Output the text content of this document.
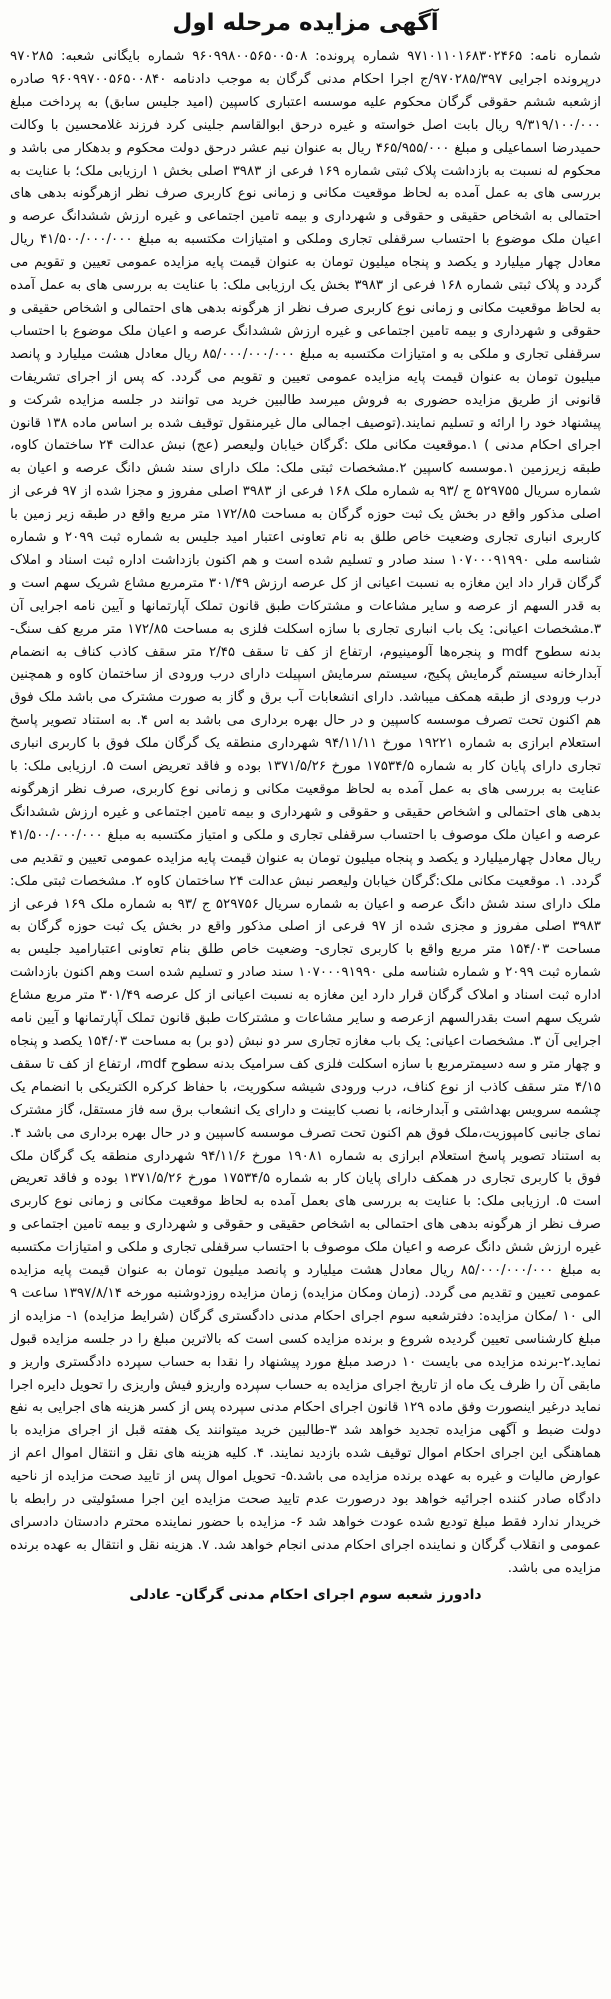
آگهی مزایده مرحله اول

شماره نامه: ۹۷۱۰۱۱۰۱۶۸۳۰۲۴۶۵ شماره پرونده: ۹۶۰۹۹۸۰۰۵۶۵۰۰۵۰۸ شماره بایگانی شعبه: ۹۷۰۲۸۵ درپرونده اجرایی ۹۷۰۲۸۵/۳۹۷/ج اجرا احکام مدنی گرگان به موجب دادنامه ۹۶۰۹۹۷۰۰۵۶۵۰۰۸۴۰ صادره ازشعبه ششم حقوقی گرگان محکوم علیه موسسه اعتباری کاسپین (امید جلیس سابق) به پرداخت مبلغ ۹/۳۱۹/۱۰۰/۰۰۰ ریال بابت اصل خواسته و غیره درحق ابوالقاسم جلینی کرد فرزند غلامحسین با وکالت حمیدرضا اسماعیلی و مبلغ ۴۶۵/۹۵۵/۰۰۰ ریال به عنوان نیم عشر درحق دولت محکوم و بدهکار می باشد و محکوم له نسبت به بازداشت پلاک ثبتی شماره ۱۶۹ فرعی از ۳۹۸۳ اصلی بخش ۱ ارزیابی ملک؛ با عنایت به بررسی های به عمل آمده به لحاظ موقعیت مکانی و زمانی نوع کاربری صرف نظر ازهرگونه بدهی های احتمالی به اشخاص حقیقی و حقوقی و شهرداری و بیمه تامین اجتماعی و غیره ارزش ششدانگ عرصه و اعیان ملک موضوع با احتساب سرقفلی تجاری وملکی و امتیازات مکتسبه به مبلغ ۴۱/۵۰۰/۰۰۰/۰۰۰ ریال معادل چهار میلیارد و یکصد و پنجاه میلیون تومان به عنوان قیمت پایه مزایده عمومی تعیین و تقویم می گردد و پلاک ثبتی شماره ۱۶۸ فرعی از ۳۹۸۳ بخش یک ارزیابی ملک: با عنایت به بررسی های به عمل آمده به لحاظ موقعیت مکانی و زمانی نوع کاربری صرف نظر از هرگونه بدهی های احتمالی و اشخاص حقیقی و حقوقی و شهرداری و بیمه تامین اجتماعی و غیره ارزش ششدانگ عرصه و اعیان ملک موضوع با احتساب سرقفلی تجاری و ملکی به و امتیازات مکتسبه به مبلغ ۸۵/۰۰۰/۰۰۰/۰۰۰ ریال معادل هشت میلیارد و پانصد میلیون تومان به عنوان قیمت پایه مزایده عمومی تعیین و تقویم می گردد. که پس از اجرای تشریفات قانونی از طریق مزایده حضوری به فروش میرسد طالبین خرید می توانند در جلسه مزایده شرکت و پیشنهاد خود را ارائه و تسلیم نمایند.(توصیف اجمالی مال غیرمنقول توقیف شده بر اساس ماده ۱۳۸ قانون اجرای احکام مدنی ) ۱.موقعیت مکانی ملک :گرگان خیابان ولیعصر (عج) نبش عدالت ۲۴ ساختمان کاوه، طبقه زیرزمین ۱.موسسه کاسپین ۲.مشخصات ثبتی ملک: ملک دارای سند شش دانگ عرصه و اعیان به شماره سریال ۵۲۹۷۵۵ ج /۹۳ به شماره ملک ۱۶۸ فرعی از ۳۹۸۳ اصلی مفروز و مجزا شده از ۹۷ فرعی از اصلی مذکور واقع در بخش یک ثبت حوزه گرگان به مساحت ۱۷۲/۸۵ متر مربع واقع در طبقه زیر زمین با کاربری انباری تجاری وضعیت خاص طلق به نام تعاونی اعتبار امید جلیس به شماره ثبت ۲۰۹۹ و شماره شناسه ملی ۱۰۷۰۰۰۹۱۹۹۰ سند صادر و تسلیم شده است و هم اکنون بازداشت اداره ثبت اسناد و املاک گرگان قرار داد این مغازه به نسبت اعیانی از کل عرصه ارزش ۳۰۱/۴۹ مترمربع مشاع شریک سهم است و به قدر السهم از عرصه و سایر مشاعات و مشترکات طبق قانون تملک آپارتمانها و آیین نامه اجرایی آن ۳.مشخصات اعیانی: یک باب انباری تجاری با سازه اسکلت فلزی به مساحت ۱۷۲/۸۵ متر مربع کف سنگ-بدنه سطوح mdf و پنجره‌ها آلومینیوم، ارتفاع از کف تا سقف ۲/۴۵ متر سقف کاذب کناف به انضمام آبدارخانه سیستم گرمایش پکیج، سیستم سرمایش اسپیلت دارای درب ورودی از ساختمان کاوه و همچنین درب ورودی از طبقه همکف میباشد. دارای انشعابات آب برق و گاز به صورت مشترک می باشد ملک فوق هم اکنون تحت تصرف موسسه کاسپین و در حال بهره برداری می باشد به اس ۴. به استناد تصویر پاسخ استعلام ابرازی به شماره ۱۹۲۲۱ مورخ ۹۴/۱۱/۱۱ شهرداری منطقه یک گرگان ملک فوق با کاربری انباری تجاری دارای پایان کار به شماره ۱۷۵۳۴/۵ مورخ ۱۳۷۱/۵/۲۶ بوده و فاقد تعریض است ۵. ارزیابی ملک: با عنایت به بررسی های به عمل آمده به لحاظ موقعیت مکانی و زمانی نوع کاربری، صرف نظر ازهرگونه بدهی های احتمالی و اشخاص حقیقی و حقوقی و شهرداری و بیمه تامین اجتماعی و غیره ارزش ششدانگ عرصه و اعیان ملک موصوف با احتساب سرقفلی تجاری و ملکی و امتیاز مکتسبه به مبلغ ۴۱/۵۰۰/۰۰۰/۰۰۰ ریال معادل چهارمیلیارد و یکصد و پنجاه میلیون تومان به عنوان قیمت پایه مزایده عمومی تعیین و تقدیم می گردد. ۱. موقعیت مکانی ملک:گرگان خیابان ولیعصر نبش عدالت ۲۴ ساختمان کاوه ۲. مشخصات ثبتی ملک: ملک دارای سند شش دانگ عرصه و اعیان به شماره سریال ۵۲۹۷۵۶ ج /۹۳ به شماره ملک ۱۶۹ فرعی از ۳۹۸۳ اصلی مفروز و مجزی شده از ۹۷ فرعی از اصلی مذکور واقع در بخش یک ثبت حوزه گرگان به مساحت ۱۵۴/۰۳ متر مربع واقع با کاربری تجاری- وضعیت خاص طلق بنام تعاونی اعتبارامید جلیس به شماره ثبت ۲۰۹۹ و شماره شناسه ملی ۱۰۷۰۰۰۹۱۹۹۰ سند صادر و تسلیم شده است وهم اکنون بازداشت اداره ثبت اسناد و املاک گرگان قرار دارد این مغازه به نسبت اعیانی از کل عرصه ۳۰۱/۴۹ متر مربع مشاع شریک سهم است بقدرالسهم ازعرصه و سایر مشاعات و مشترکات طبق قانون تملک آپارتمانها و آیین نامه اجرایی آن ۳. مشخصات اعیانی: یک باب مغازه تجاری سر دو نبش (دو بر) به مساحت ۱۵۴/۰۳ یکصد و پنجاه و چهار متر و سه دسیمترمربع با سازه اسکلت فلزی کف سرامیک بدنه سطوح mdf، ارتفاع از کف تا سقف ۴/۱۵ متر سقف کاذب از نوع کناف، درب ورودی شیشه سکوریت، با حفاظ کرکره الکتریکی با انضمام یک چشمه سرویس بهداشتی و آبدارخانه، با نصب کابینت و دارای یک انشعاب برق سه فاز مستقل، گاز مشترک نمای جانبی کامپوزیت،ملک فوق هم اکنون تحت تصرف موسسه کاسپین و در حال بهره برداری می باشد ۴. به استناد تصویر پاسخ استعلام ابرازی به شماره ۱۹۰۸۱ مورخ ۹۴/۱۱/۶ شهرداری منطقه یک گرگان ملک فوق با کاربری تجاری در همکف دارای پایان کار به شماره ۱۷۵۳۴/۵ مورخ ۱۳۷۱/۵/۲۶ بوده و فاقد تعریض است ۵. ارزیابی ملک: با عنایت به بررسی های بعمل آمده به لحاظ موقعیت مکانی و زمانی نوع کاربری صرف نظر از هرگونه بدهی های احتمالی به اشخاص حقیقی و حقوقی و شهرداری و بیمه تامین اجتماعی و غیره ارزش شش دانگ عرصه و اعیان ملک موصوف با احتساب سرقفلی تجاری و ملکی و امتیازات مکتسبه به مبلغ ۸۵/۰۰۰/۰۰۰/۰۰۰ ریال معادل هشت میلیارد و پانصد میلیون تومان به عنوان قیمت پایه مزایده عمومی تعیین و تقدیم می گردد. (زمان ومکان مزایده) زمان مزایده روزدوشنبه مورخه ۱۳۹۷/۸/۱۴ ساعت ۹ الی ۱۰ /مکان مزایده: دفترشعبه سوم اجرای احکام مدنی دادگستری گرگان (شرایط مزایده) ۱- مزایده از مبلغ کارشناسی تعیین گردیده شروع و برنده مزایده کسی است که بالاترین مبلغ را در جلسه مزایده قبول نماید.۲-برنده مزایده می بایست ۱۰ درصد مبلغ مورد پیشنهاد را نقدا به حساب سپرده دادگستری واریز و مابقی آن را ظرف یک ماه از تاریخ اجرای مزایده به حساب سپرده واریزو فیش واریزی را تحویل دایره اجرا نماید درغیر اینصورت وفق ماده ۱۲۹ قانون اجرای احکام مدنی سپرده پس از کسر هزینه های اجرایی به نفع دولت ضبط و آگهی مزایده تجدید خواهد شد ۳-طالبین خرید میتوانند یک هفته قبل از اجرای مزایده با هماهنگی این اجرای احکام اموال توقیف شده بازدید نمایند. ۴. کلیه هزینه های نقل و انتقال اموال اعم از عوارض مالیات و غیره به عهده برنده مزایده می باشد.۵- تحویل اموال پس از تایید صحت مزایده از ناحیه دادگاه صادر کننده اجرائیه خواهد بود درصورت عدم تایید صحت مزایده این اجرا مسئولیتی در رابطه با خریدار ندارد فقط مبلغ تودیع شده عودت خواهد شد ۶- مزایده با حضور نماینده محترم دادستان دادسرای عمومی و انقلاب گرگان و نماینده اجرای احکام مدنی انجام خواهد شد. ۷. هزینه نقل و انتقال به عهده برنده مزایده می باشد.

دادورز شعبه سوم اجرای احکام مدنی گرگان- عادلی
